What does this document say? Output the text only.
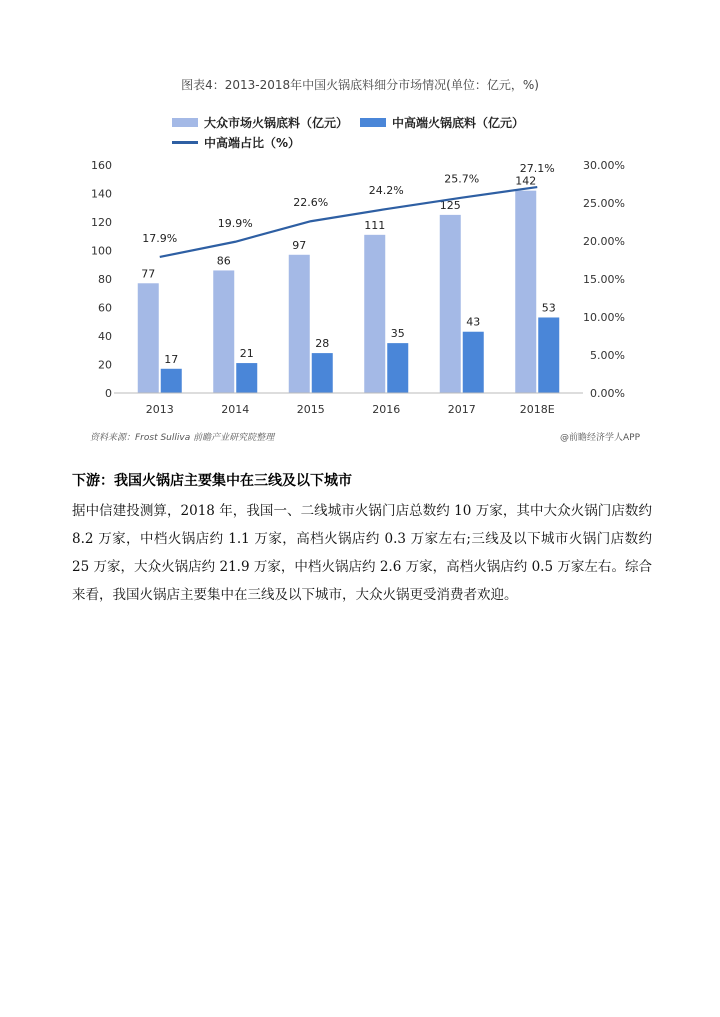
图表4：2013-2018年中国火锅底料细分市场情况(单位：亿元，%)
大众市场火锅底料（亿元）	中高端火锅底料（亿元）
中高端占比（%）
77
17
86
21
97
28
111
35
125
43
142
53
17.9%
19.9%
22.6%
24.2%
25.7%
27.1%
2013	2014	2015	2016	2017	2018E
0
20
40
60
80
100
120
140
160
0.00%
5.00%
10.00%
15.00%
20.00%
25.00%
30.00%
资料来源：Frost Sulliva 前瞻产业研究院整理	@前瞻经济学人APP
下游：我国火锅店主要集中在三线及以下城市
据中信建投测算，2018 年，我国一、二线城市火锅门店总数约 10 万家，其中大众火锅门店数约 8.2 万家，中档火锅店约 1.1 万家，高档火锅店约 0.3 万家左右;三线及以下城市火锅门店数约 25 万家，大众火锅店约 21.9 万家，中档火锅店约 2.6 万家，高档火锅店约 0.5 万家左右。综合来看，我国火锅店主要集中在三线及以下城市，大众火锅更受消费者欢迎。
